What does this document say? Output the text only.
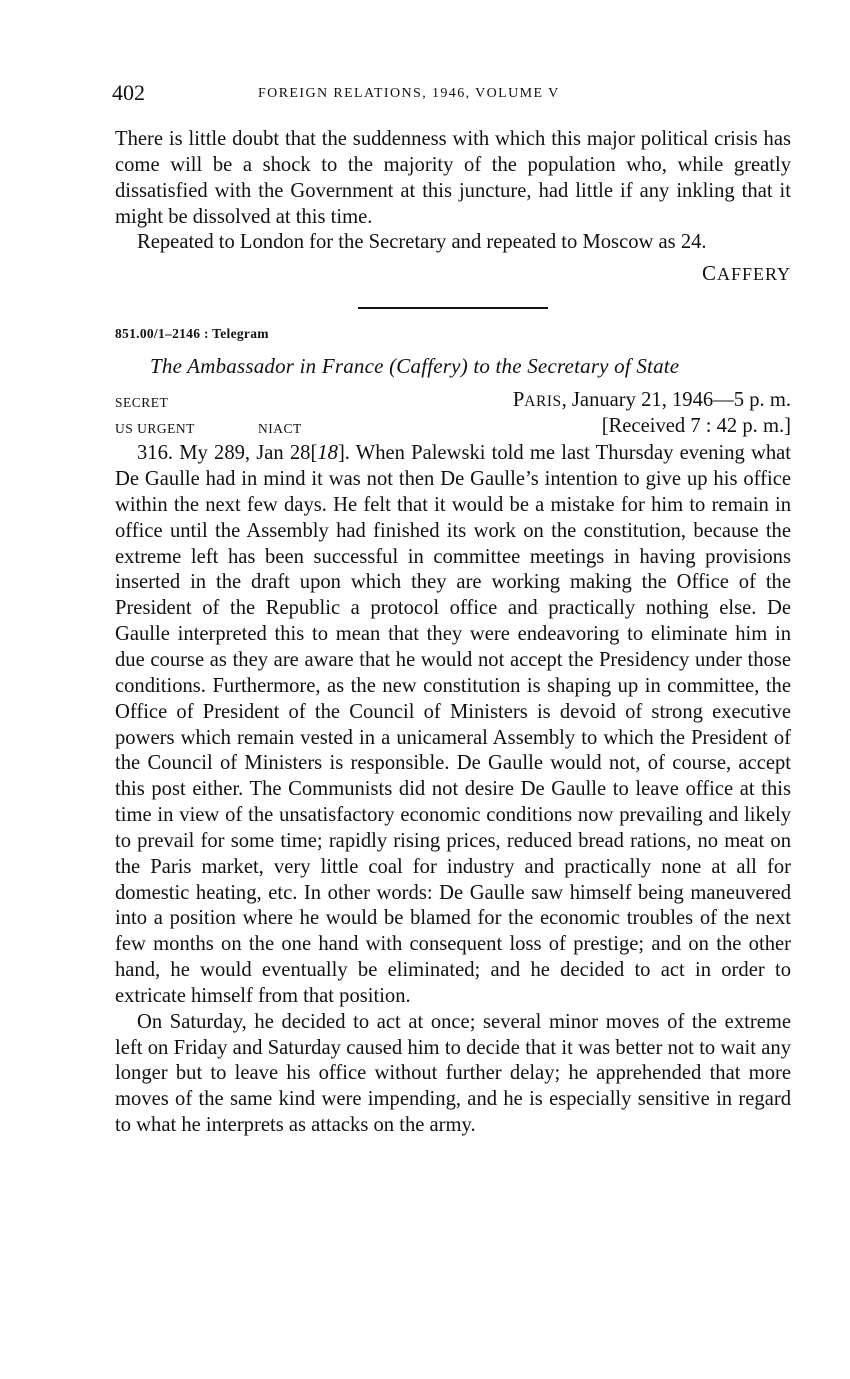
402	FOREIGN RELATIONS, 1946, VOLUME V

There is little doubt that the suddenness with which this major political crisis has come will be a shock to the majority of the population who, while greatly dissatisfied with the Government at this juncture, had little if any inkling that it might be dissolved at this time.

Repeated to London for the Secretary and repeated to Moscow as 24.

CAFFERY
851.00/1–2146 : Telegram
The Ambassador in France (Caffery) to the Secretary of State
SECRET	PARIS, January 21, 1946—5 p. m.
US URGENT	NIACT	[Received 7 : 42 p. m.]

316. My 289, Jan 28[18]. When Palewski told me last Thursday evening what De Gaulle had in mind it was not then De Gaulle’s intention to give up his office within the next few days. He felt that it would be a mistake for him to remain in office until the Assembly had finished its work on the constitution, because the extreme left has been successful in committee meetings in having provisions inserted in the draft upon which they are working making the Office of the President of the Republic a protocol office and practically nothing else. De Gaulle interpreted this to mean that they were endeavoring to eliminate him in due course as they are aware that he would not accept the Presidency under those conditions. Furthermore, as the new constitution is shaping up in committee, the Office of President of the Council of Ministers is devoid of strong executive powers which remain vested in a unicameral Assembly to which the President of the Council of Ministers is responsible. De Gaulle would not, of course, accept this post either. The Communists did not desire De Gaulle to leave office at this time in view of the unsatisfactory economic conditions now prevailing and likely to prevail for some time; rapidly rising prices, reduced bread rations, no meat on the Paris market, very little coal for industry and practically none at all for domestic heating, etc. In other words: De Gaulle saw himself being maneuvered into a position where he would be blamed for the economic troubles of the next few months on the one hand with consequent loss of prestige; and on the other hand, he would eventually be eliminated; and he decided to act in order to extricate himself from that position.

On Saturday, he decided to act at once; several minor moves of the extreme left on Friday and Saturday caused him to decide that it was better not to wait any longer but to leave his office without further delay; he apprehended that more moves of the same kind were impending, and he is especially sensitive in regard to what he interprets as attacks on the army.
